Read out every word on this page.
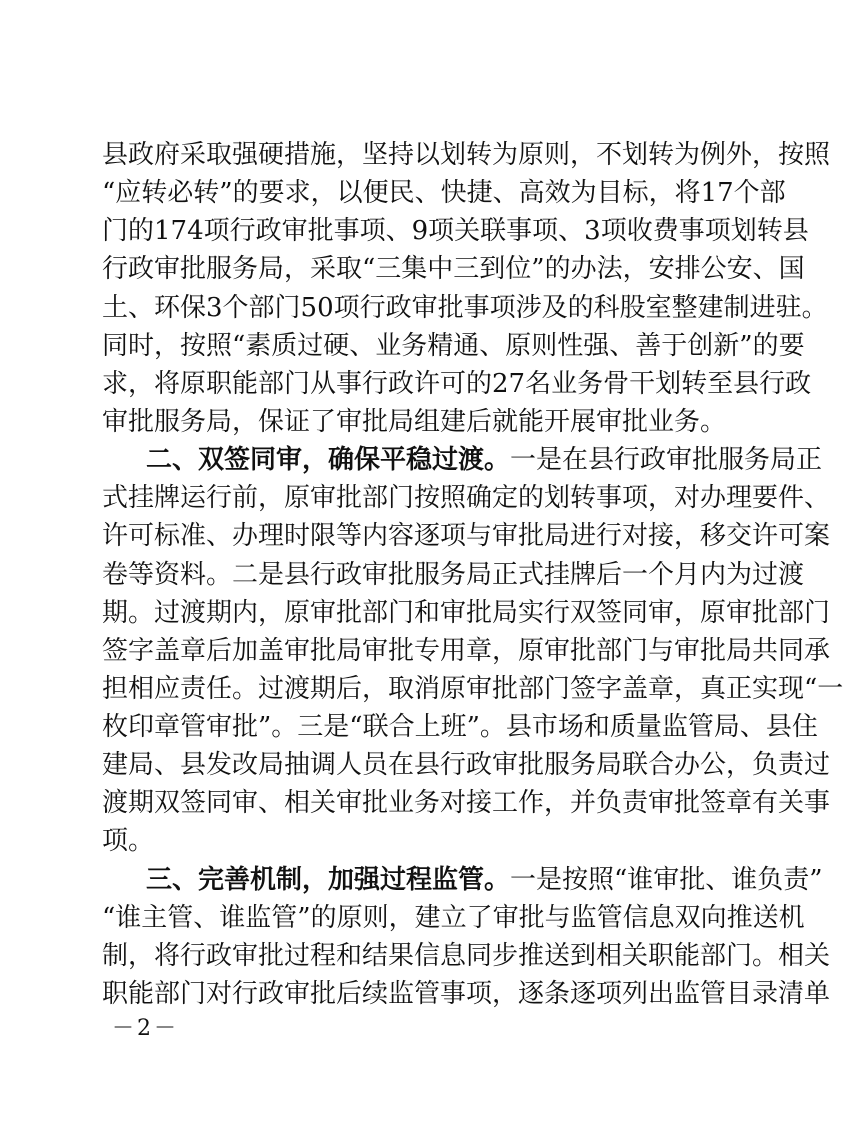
县政府采取强硬措施，坚持以划转为原则，不划转为例外，按照
“应转必转”的要求，以便民、快捷、高效为目标，将17个部
门的174项行政审批事项、9项关联事项、3项收费事项划转县
行政审批服务局，采取“三集中三到位”的办法，安排公安、国
土、环保3个部门50项行政审批事项涉及的科股室整建制进驻。
同时，按照“素质过硬、业务精通、原则性强、善于创新”的要
求，将原职能部门从事行政许可的27名业务骨干划转至县行政
审批服务局，保证了审批局组建后就能开展审批业务。
二、双签同审，确保平稳过渡。一是在县行政审批服务局正
式挂牌运行前，原审批部门按照确定的划转事项，对办理要件、
许可标准、办理时限等内容逐项与审批局进行对接，移交许可案
卷等资料。二是县行政审批服务局正式挂牌后一个月内为过渡
期。过渡期内，原审批部门和审批局实行双签同审，原审批部门
签字盖章后加盖审批局审批专用章，原审批部门与审批局共同承
担相应责任。过渡期后，取消原审批部门签字盖章，真正实现“一
枚印章管审批”。三是“联合上班”。县市场和质量监管局、县住
建局、县发改局抽调人员在县行政审批服务局联合办公，负责过
渡期双签同审、相关审批业务对接工作，并负责审批签章有关事
项。
三、完善机制，加强过程监管。一是按照“谁审批、谁负责”
“谁主管、谁监管”的原则，建立了审批与监管信息双向推送机
制，将行政审批过程和结果信息同步推送到相关职能部门。相关
职能部门对行政审批后续监管事项，逐条逐项列出监管目录清单
－2－
